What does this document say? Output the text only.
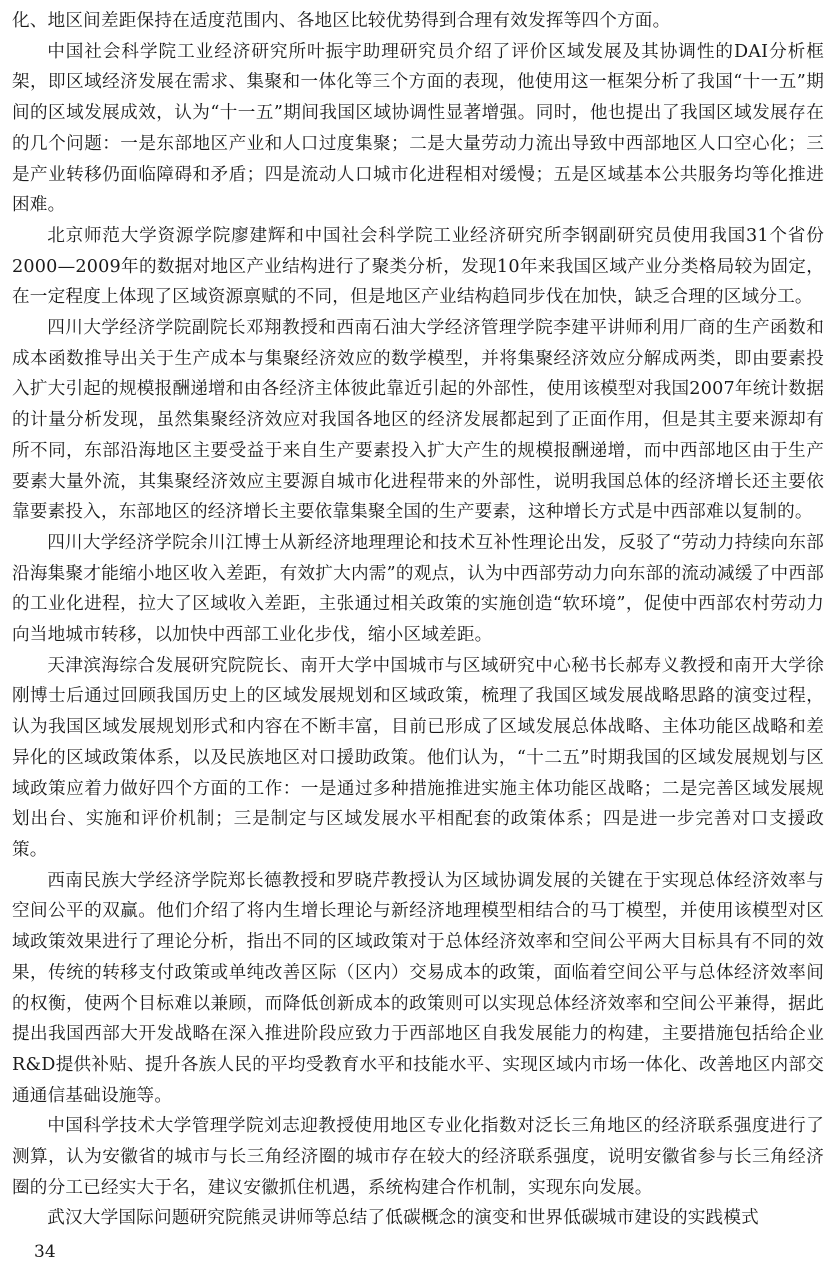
化、地区间差距保持在适度范围内、各地区比较优势得到合理有效发挥等四个方面。

中国社会科学院工业经济研究所叶振宇助理研究员介绍了评价区域发展及其协调性的DAI分析框架，即区域经济发展在需求、集聚和一体化等三个方面的表现，他使用这一框架分析了我国“十一五”期间的区域发展成效，认为“十一五”期间我国区域协调性显著增强。同时，他也提出了我国区域发展存在的几个问题：一是东部地区产业和人口过度集聚；二是大量劳动力流出导致中西部地区人口空心化；三是产业转移仍面临障碍和矛盾；四是流动人口城市化进程相对缓慢；五是区域基本公共服务均等化推进困难。

北京师范大学资源学院廖建辉和中国社会科学院工业经济研究所李钢副研究员使用我国31个省份2000—2009年的数据对地区产业结构进行了聚类分析，发现10年来我国区域产业分类格局较为固定，在一定程度上体现了区域资源禀赋的不同，但是地区产业结构趋同步伐在加快，缺乏合理的区域分工。

四川大学经济学院副院长邓翔教授和西南石油大学经济管理学院李建平讲师利用厂商的生产函数和成本函数推导出关于生产成本与集聚经济效应的数学模型，并将集聚经济效应分解成两类，即由要素投入扩大引起的规模报酬递增和由各经济主体彼此靠近引起的外部性，使用该模型对我国2007年统计数据的计量分析发现，虽然集聚经济效应对我国各地区的经济发展都起到了正面作用，但是其主要来源却有所不同，东部沿海地区主要受益于来自生产要素投入扩大产生的规模报酬递增，而中西部地区由于生产要素大量外流，其集聚经济效应主要源自城市化进程带来的外部性，说明我国总体的经济增长还主要依靠要素投入，东部地区的经济增长主要依靠集聚全国的生产要素，这种增长方式是中西部难以复制的。

四川大学经济学院余川江博士从新经济地理理论和技术互补性理论出发，反驳了“劳动力持续向东部沿海集聚才能缩小地区收入差距，有效扩大内需”的观点，认为中西部劳动力向东部的流动减缓了中西部的工业化进程，拉大了区域收入差距，主张通过相关政策的实施创造“软环境”，促使中西部农村劳动力向当地城市转移，以加快中西部工业化步伐，缩小区域差距。

天津滨海综合发展研究院院长、南开大学中国城市与区域研究中心秘书长郝寿义教授和南开大学徐刚博士后通过回顾我国历史上的区域发展规划和区域政策，梳理了我国区域发展战略思路的演变过程，认为我国区域发展规划形式和内容在不断丰富，目前已形成了区域发展总体战略、主体功能区战略和差异化的区域政策体系，以及民族地区对口援助政策。他们认为，“十二五”时期我国的区域发展规划与区域政策应着力做好四个方面的工作：一是通过多种措施推进实施主体功能区战略；二是完善区域发展规划出台、实施和评价机制；三是制定与区域发展水平相配套的政策体系；四是进一步完善对口支援政策。

西南民族大学经济学院郑长德教授和罗晓芹教授认为区域协调发展的关键在于实现总体经济效率与空间公平的双赢。他们介绍了将内生增长理论与新经济地理模型相结合的马丁模型，并使用该模型对区域政策效果进行了理论分析，指出不同的区域政策对于总体经济效率和空间公平两大目标具有不同的效果，传统的转移支付政策或单纯改善区际（区内）交易成本的政策，面临着空间公平与总体经济效率间的权衡，使两个目标难以兼顾，而降低创新成本的政策则可以实现总体经济效率和空间公平兼得，据此提出我国西部大开发战略在深入推进阶段应致力于西部地区自我发展能力的构建，主要措施包括给企业R&D提供补贴、提升各族人民的平均受教育水平和技能水平、实现区域内市场一体化、改善地区内部交通通信基础设施等。

中国科学技术大学管理学院刘志迎教授使用地区专业化指数对泛长三角地区的经济联系强度进行了测算，认为安徽省的城市与长三角经济圈的城市存在较大的经济联系强度，说明安徽省参与长三角经济圈的分工已经实大于名，建议安徽抓住机遇，系统构建合作机制，实现东向发展。

武汉大学国际问题研究院熊灵讲师等总结了低碳概念的演变和世界低碳城市建设的实践模式

34
